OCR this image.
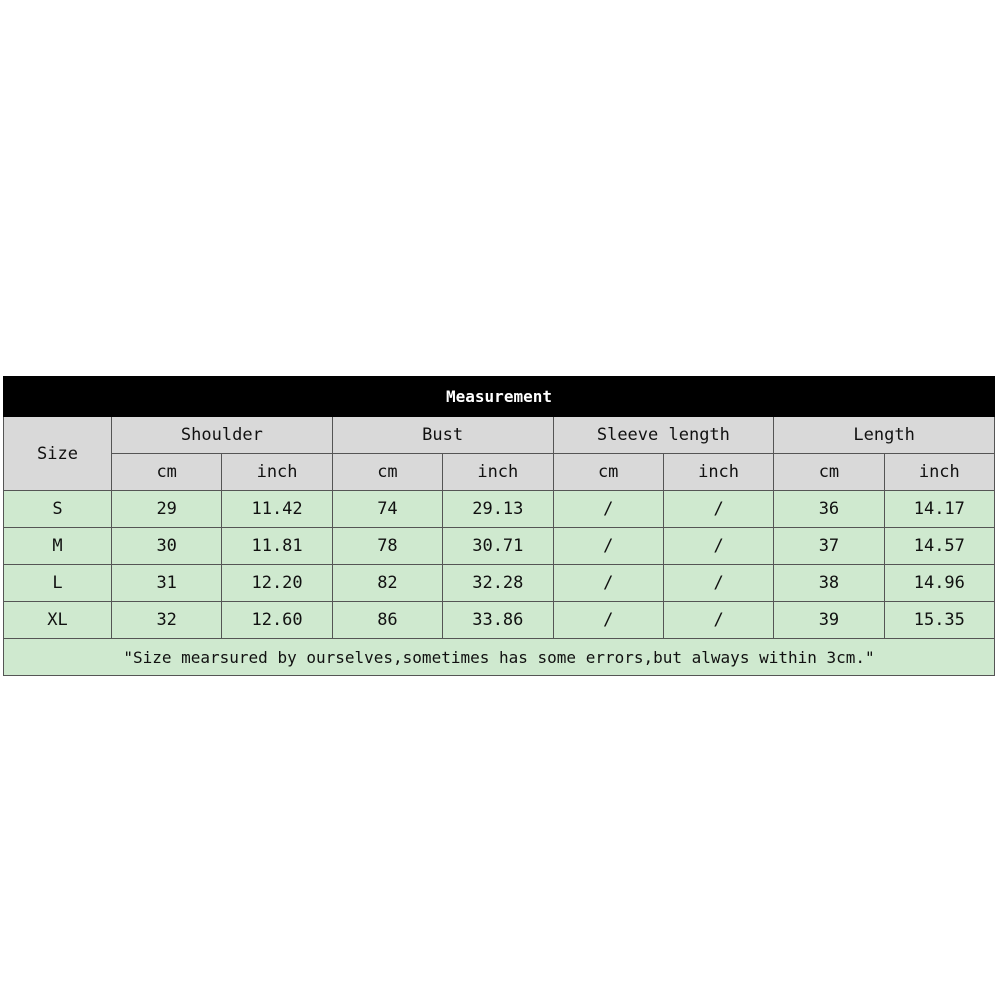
Measurement								
Size	Shoulder		Bust		Sleeve length		Length	
	cm	inch	cm	inch	cm	inch	cm	inch
S	29	11.42	74	29.13	/	/	36	14.17
M	30	11.81	78	30.71	/	/	37	14.57
L	31	12.20	82	32.28	/	/	38	14.96
XL	32	12.60	86	33.86	/	/	39	15.35
"Size mearsured by ourselves,sometimes has some errors,but always within 3cm."								
